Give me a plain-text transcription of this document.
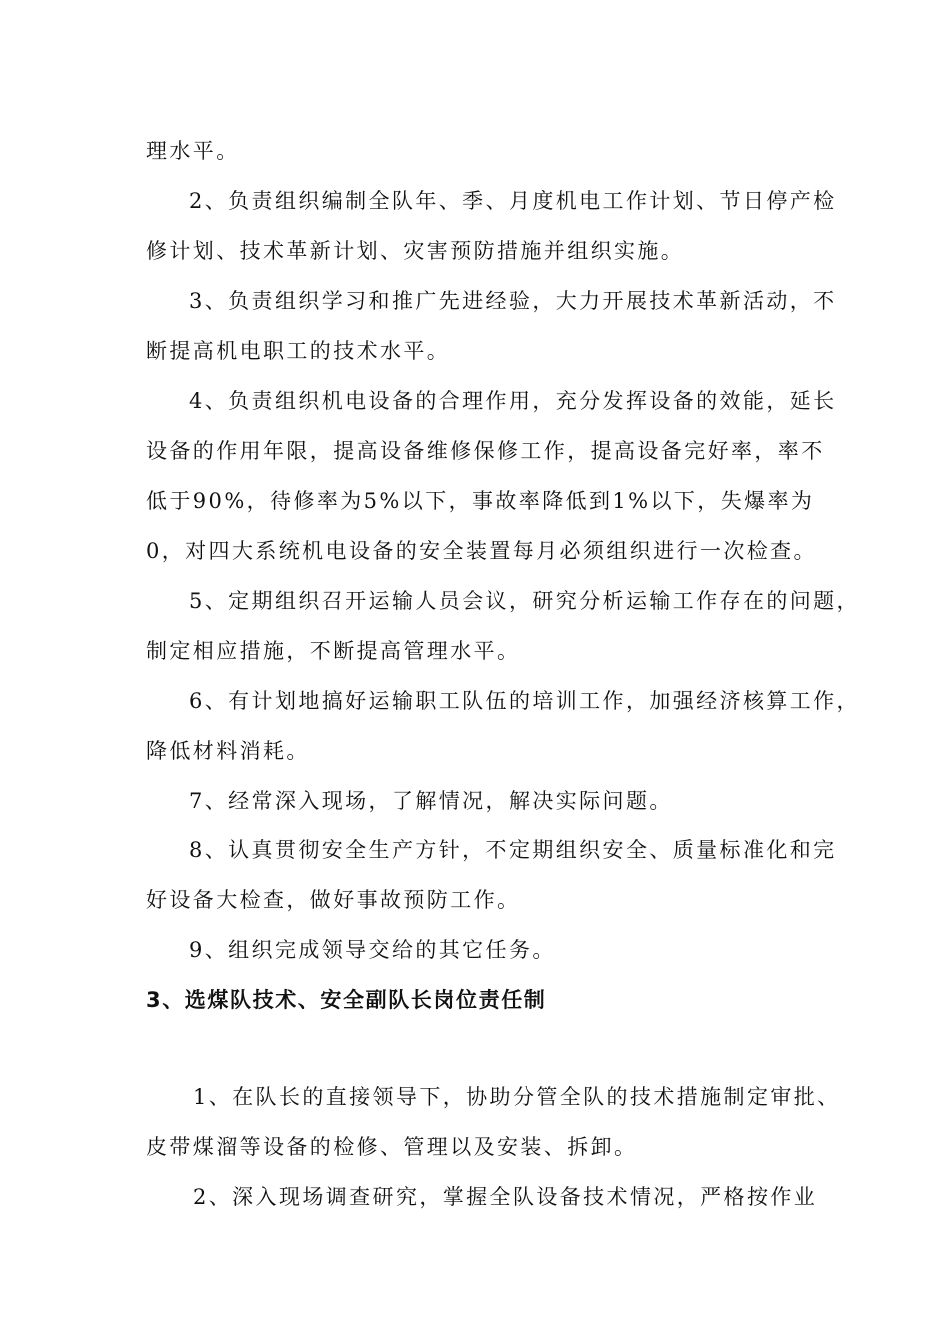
理水平。
2、负责组织编制全队年、季、月度机电工作计划、节日停产检
修计划、技术革新计划、灾害预防措施并组织实施。
3、负责组织学习和推广先进经验，大力开展技术革新活动，不
断提高机电职工的技术水平。
4、负责组织机电设备的合理作用，充分发挥设备的效能，延长
设备的作用年限，提高设备维修保修工作，提高设备完好率，率不
低于90%，待修率为5%以下，事故率降低到1%以下，失爆率为
0，对四大系统机电设备的安全装置每月必须组织进行一次检查。
5、定期组织召开运输人员会议，研究分析运输工作存在的问题，
制定相应措施，不断提高管理水平。
6、有计划地搞好运输职工队伍的培训工作，加强经济核算工作，
降低材料消耗。
7、经常深入现场，了解情况，解决实际问题。
8、认真贯彻安全生产方针，不定期组织安全、质量标准化和完
好设备大检查，做好事故预防工作。
9、组织完成领导交给的其它任务。
3、选煤队技术、安全副队长岗位责任制
1、在队长的直接领导下，协助分管全队的技术措施制定审批、
皮带煤溜等设备的检修、管理以及安装、拆卸。
2、深入现场调查研究，掌握全队设备技术情况，严格按作业
